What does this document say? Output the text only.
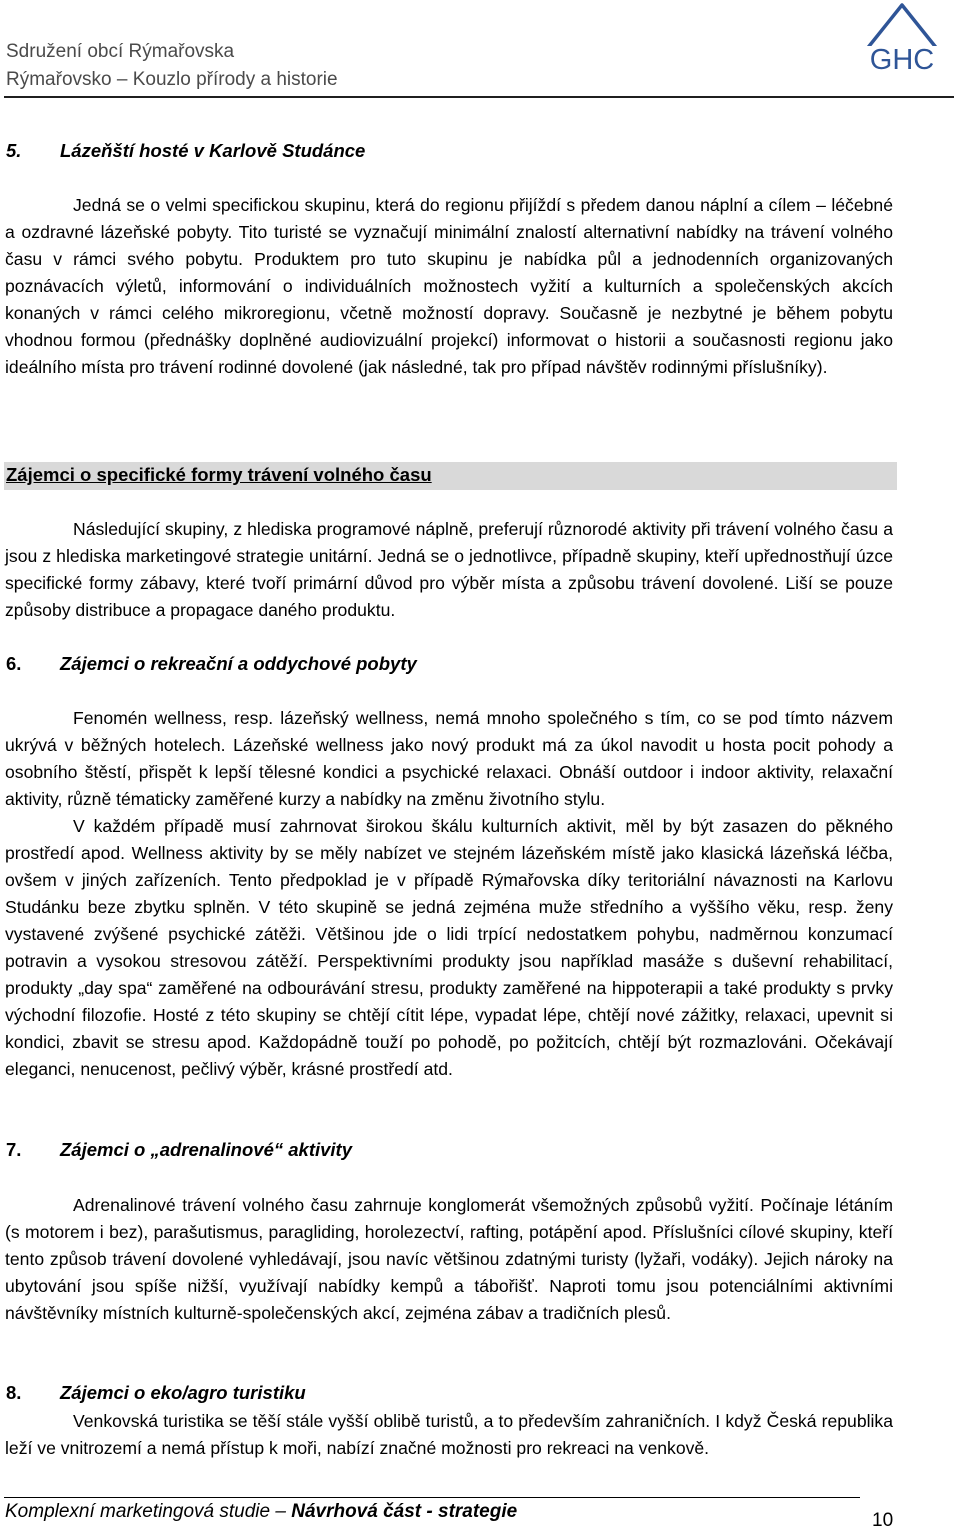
Sdružení obcí Rýmařovska
Rýmařovsko – Kouzlo přírody a historie
GHC
5. Lázeňští hosté v Karlově Studánce

Jedná se o velmi specifickou skupinu, která do regionu přijíždí s předem danou náplní a cílem – léčebné a ozdravné lázeňské pobyty. Tito turisté se vyznačují minimální znalostí alternativní nabídky na trávení volného času v rámci svého pobytu. Produktem pro tuto skupinu je nabídka půl a jednodenních organizovaných poznávacích výletů, informování o individuálních možnostech vyžití a kulturních a společenských akcích konaných v rámci celého mikroregionu, včetně možností dopravy. Současně je nezbytné je během pobytu vhodnou formou (přednášky doplněné audiovizuální projekcí) informovat o historii a současnosti regionu jako ideálního místa pro trávení rodinné dovolené (jak následné, tak pro případ návštěv rodinnými příslušníky).

Zájemci o specifické formy trávení volného času

Následující skupiny, z hlediska programové náplně, preferují různorodé aktivity při trávení volného času a jsou z hlediska marketingové strategie unitární. Jedná se o jednotlivce, případně skupiny, kteří upřednostňují úzce specifické formy zábavy, které tvoří primární důvod pro výběr místa a způsobu trávení dovolené. Liší se pouze způsoby distribuce a propagace daného produktu.

6. Zájemci o rekreační a oddychové pobyty

Fenomén wellness, resp. lázeňský wellness, nemá mnoho společného s tím, co se pod tímto názvem ukrývá v běžných hotelech. Lázeňské wellness jako nový produkt má za úkol navodit u hosta pocit pohody a osobního štěstí, přispět k lepší tělesné kondici a psychické relaxaci. Obnáší outdoor i indoor aktivity, relaxační aktivity, různě tématicky zaměřené kurzy a nabídky na změnu životního stylu.

V každém případě musí zahrnovat širokou škálu kulturních aktivit, měl by být zasazen do pěkného prostředí apod. Wellness aktivity by se měly nabízet ve stejném lázeňském místě jako klasická lázeňská léčba, ovšem v jiných zařízeních. Tento předpoklad je v případě Rýmařovska díky teritoriální návaznosti na Karlovu Studánku beze zbytku splněn. V této skupině se jedná zejména muže středního a vyššího věku, resp. ženy vystavené zvýšené psychické zátěži. Většinou jde o lidi trpící nedostatkem pohybu, nadměrnou konzumací potravin a vysokou stresovou zátěží. Perspektivními produkty jsou například masáže s duševní rehabilitací, produkty „day spa“ zaměřené na odbourávání stresu, produkty zaměřené na hippoterapii a také produkty s prvky východní filozofie. Hosté z této skupiny se chtějí cítit lépe, vypadat lépe, chtějí nové zážitky, relaxaci, upevnit si kondici, zbavit se stresu apod. Každopádně touží po pohodě, po požitcích, chtějí být rozmazlováni. Očekávají eleganci, nenucenost, pečlivý výběr, krásné prostředí atd.

7. Zájemci o „adrenalinové“ aktivity

Adrenalinové trávení volného času zahrnuje konglomerát všemožných způsobů vyžití. Počínaje létáním (s motorem i bez), parašutismus, paragliding, horolezectví, rafting, potápění apod. Příslušníci cílové skupiny, kteří tento způsob trávení dovolené vyhledávají, jsou navíc většinou zdatnými turisty (lyžaři, vodáky). Jejich nároky na ubytování jsou spíše nižší, využívají nabídky kempů a tábořišť. Naproti tomu jsou potenciálními aktivními návštěvníky místních kulturně-společenských akcí, zejména zábav a tradičních plesů.

8. Zájemci o eko/agro turistiku

Venkovská turistika se těší stále vyšší oblibě turistů, a to především zahraničních. I když Česká republika leží ve vnitrozemí a nemá přístup k moři, nabízí značné možnosti pro rekreaci na venkově.

Komplexní marketingová studie – Návrhová část - strategie	10
